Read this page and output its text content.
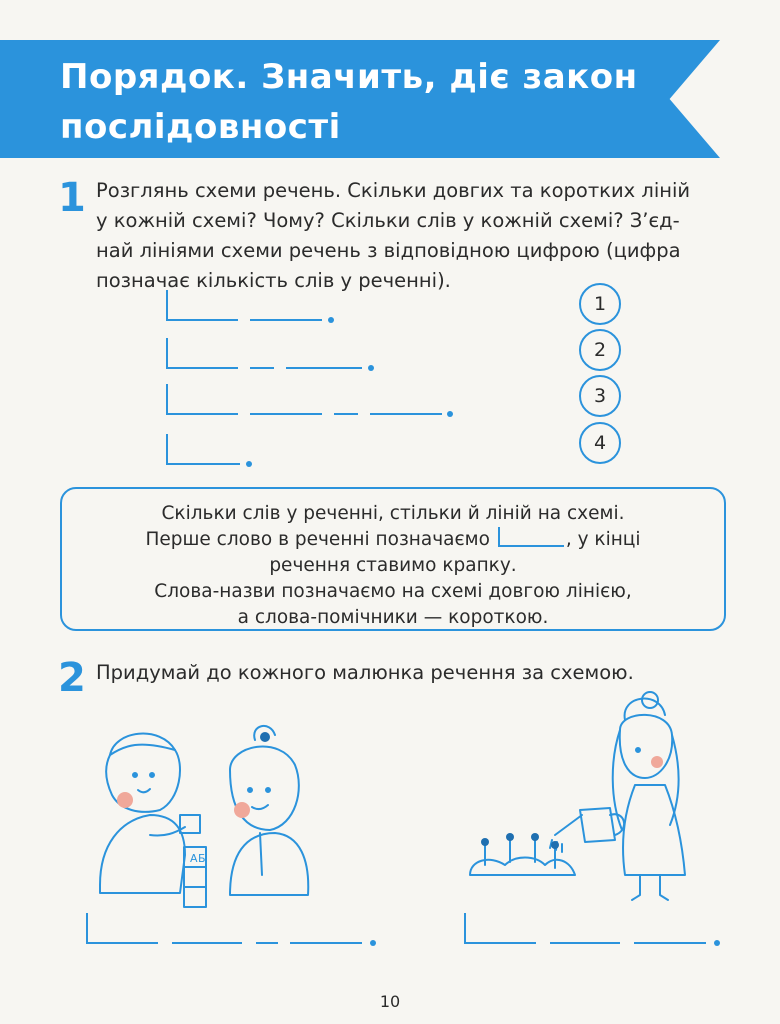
Порядок. Значить, діє закон
послідовності
1 Розглянь схеми речень. Скільки довгих та коротких ліній
у кожній схемі? Чому? Скільки слів у кожній схемі? З’єд-
най лініями схеми речень з відповідною цифрою (цифра
позначає кількість слів у реченні).
1
2
3
4
Скільки слів у реченні, стільки й ліній на схемі.
Перше слово в реченні позначаємо	, у кінці
речення ставимо крапку.
Слова-назви позначаємо на схемі довгою лінією,
а слова-помічники — короткою.
2 Придумай до кожного малюнка речення за схемою.
А Б
10
